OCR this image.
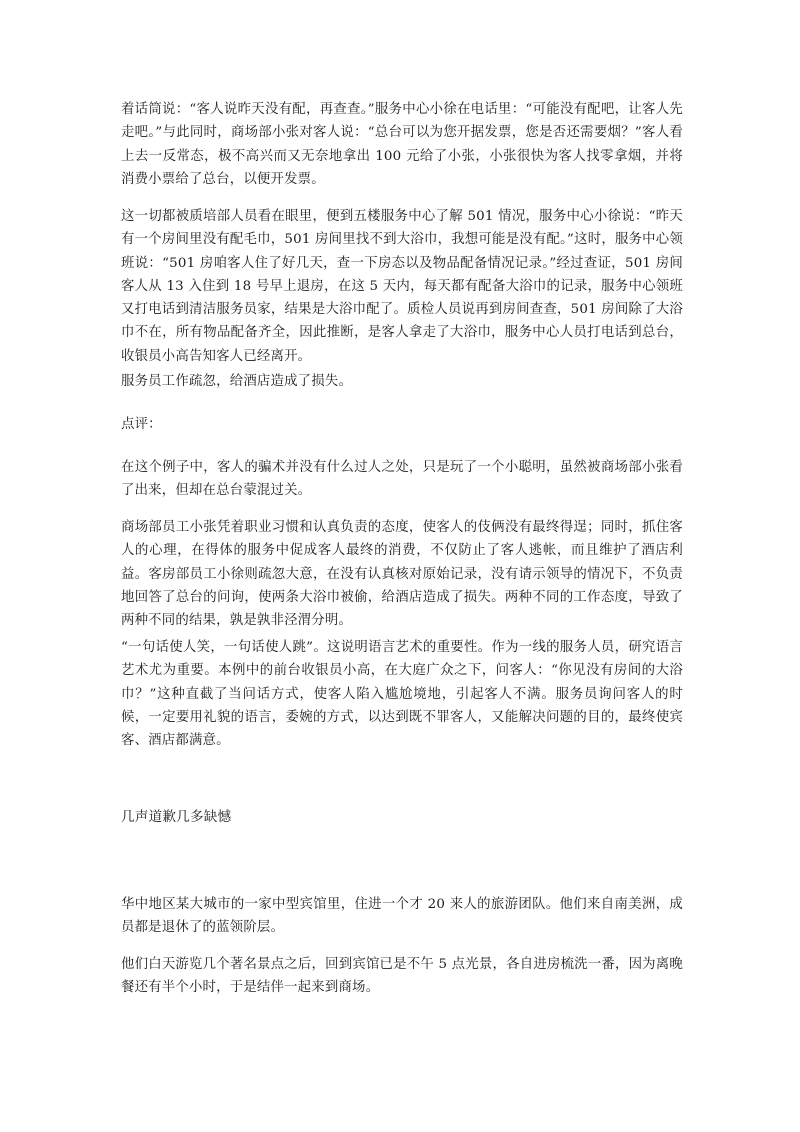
着话筒说：“客人说昨天没有配，再查查。”服务中心小徐在电话里：“可能没有配吧，让客人先走吧。”与此同时，商场部小张对客人说：“总台可以为您开据发票，您是否还需要烟？”客人看上去一反常态，极不高兴而又无奈地拿出 100 元给了小张，小张很快为客人找零拿烟，并将消费小票给了总台，以便开发票。

这一切都被质培部人员看在眼里，便到五楼服务中心了解 501 情况，服务中心小徐说：“昨天有一个房间里没有配毛巾，501 房间里找不到大浴巾，我想可能是没有配。”这时，服务中心领班说：“501 房咱客人住了好几天，查一下房态以及物品配备情况记录。”经过查证，501 房间客人从 13 入住到 18 号早上退房，在这 5 天内，每天都有配备大浴巾的记录，服务中心领班又打电话到清洁服务员家，结果是大浴巾配了。质检人员说再到房间查查，501 房间除了大浴巾不在，所有物品配备齐全，因此推断，是客人拿走了大浴巾，服务中心人员打电话到总台，收银员小高告知客人已经离开。

服务员工作疏忽，给酒店造成了损失。

点评：

在这个例子中，客人的骗术并没有什么过人之处，只是玩了一个小聪明，虽然被商场部小张看了出来，但却在总台蒙混过关。

商场部员工小张凭着职业习惯和认真负责的态度，使客人的伎俩没有最终得逞；同时，抓住客人的心理，在得体的服务中促成客人最终的消费，不仅防止了客人逃帐，而且维护了酒店利益。客房部员工小徐则疏忽大意，在没有认真核对原始记录，没有请示领导的情况下，不负责地回答了总台的问询，使两条大浴巾被偷，给酒店造成了损失。两种不同的工作态度，导致了两种不同的结果，孰是孰非泾渭分明。

“一句话使人笑，一句话使人跳”。这说明语言艺术的重要性。作为一线的服务人员，研究语言艺术尤为重要。本例中的前台收银员小高，在大庭广众之下，问客人：“你见没有房间的大浴巾？”这种直截了当问话方式，使客人陷入尴尬境地，引起客人不满。服务员询问客人的时候，一定要用礼貌的语言，委婉的方式，以达到既不罪客人，又能解决问题的目的，最终使宾客、酒店都满意。

几声道歉几多缺憾

华中地区某大城市的一家中型宾馆里，住进一个才 20 来人的旅游团队。他们来自南美洲，成员都是退休了的蓝领阶层。

他们白天游览几个著名景点之后，回到宾馆已是不午 5 点光景，各自进房梳洗一番，因为离晚餐还有半个小时，于是结伴一起来到商场。
